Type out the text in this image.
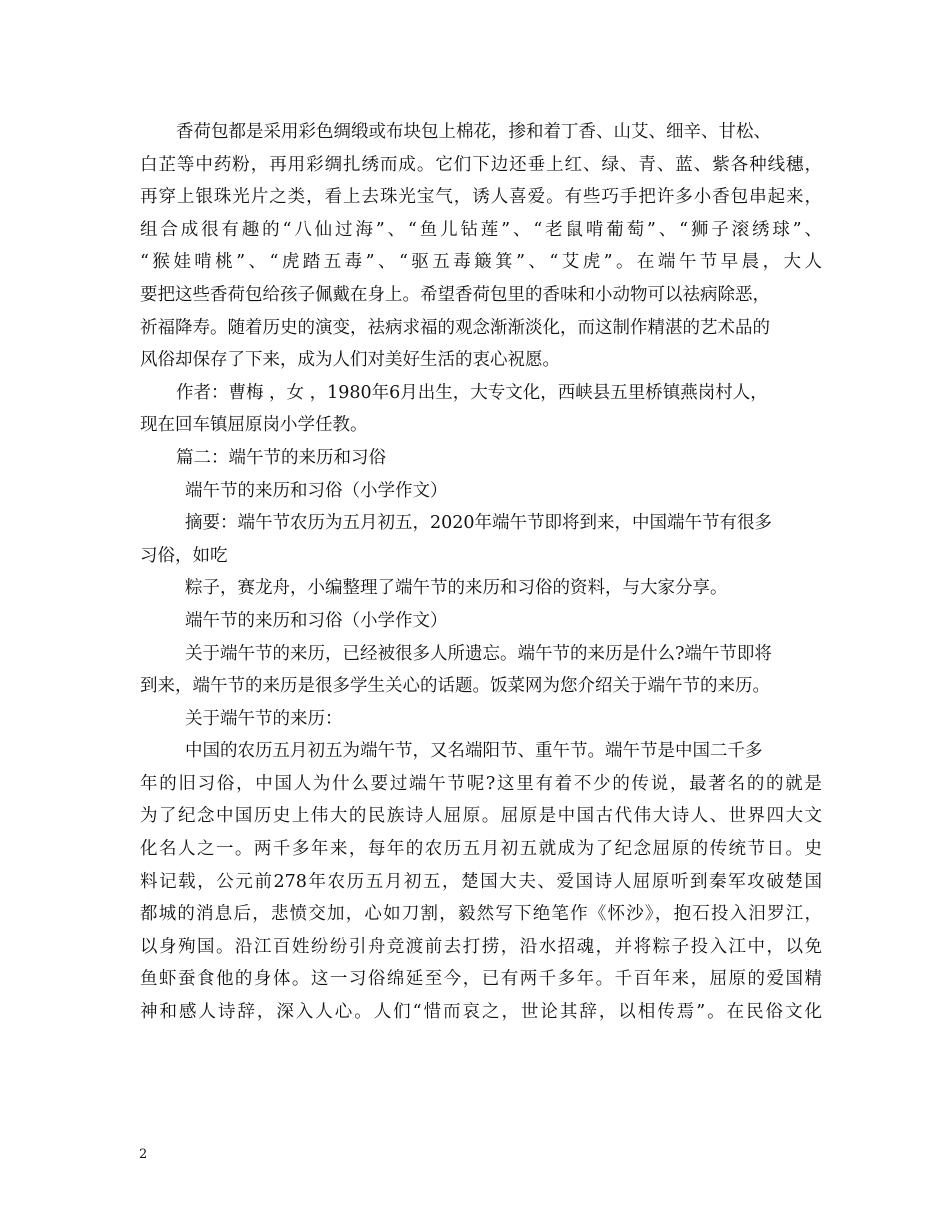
香荷包都是采用彩色绸缎或布块包上棉花，掺和着丁香、山艾、细辛、甘松、
白芷等中药粉，再用彩绸扎绣而成。它们下边还垂上红、绿、青、蓝、紫各种线穗，
再穿上银珠光片之类，看上去珠光宝气，诱人喜爱。有些巧手把许多小香包串起来，
组合成很有趣的“八仙过海”、“鱼儿钻莲”、“老鼠啃葡萄”、“狮子滚绣球”、
“猴娃啃桃”、“虎踏五毒”、“驱五毒簸箕”、“艾虎”。在端午节早晨，大人
要把这些香荷包给孩子佩戴在身上。希望香荷包里的香味和小动物可以祛病除恶，
祈福降寿。随着历史的演变，祛病求福的观念渐渐淡化，而这制作精湛的艺术品的
风俗却保存了下来，成为人们对美好生活的衷心祝愿。
作者：曹梅 ，女 ，1980年6月出生，大专文化，西峡县五里桥镇燕岗村人，
现在回车镇屈原岗小学任教。
篇二：端午节的来历和习俗
端午节的来历和习俗（小学作文）
摘要：端午节农历为五月初五，2020年端午节即将到来，中国端午节有很多
习俗，如吃
粽子，赛龙舟，小编整理了端午节的来历和习俗的资料，与大家分享。
端午节的来历和习俗（小学作文）
关于端午节的来历，已经被很多人所遗忘。端午节的来历是什么?端午节即将
到来，端午节的来历是很多学生关心的话题。饭菜网为您介绍关于端午节的来历。
关于端午节的来历：
中国的农历五月初五为端午节，又名端阳节、重午节。端午节是中国二千多
年的旧习俗，中国人为什么要过端午节呢?这里有着不少的传说，最著名的的就是
为了纪念中国历史上伟大的民族诗人屈原。屈原是中国古代伟大诗人、世界四大文
化名人之一。两千多年来，每年的农历五月初五就成为了纪念屈原的传统节日。史
料记载，公元前278年农历五月初五，楚国大夫、爱国诗人屈原听到秦军攻破楚国
都城的消息后，悲愤交加，心如刀割，毅然写下绝笔作《怀沙》，抱石投入汨罗江，
以身殉国。沿江百姓纷纷引舟竞渡前去打捞，沿水招魂，并将粽子投入江中，以免
鱼虾蚕食他的身体。这一习俗绵延至今，已有两千多年。千百年来，屈原的爱国精
神和感人诗辞，深入人心。人们“惜而哀之，世论其辞，以相传焉”。在民俗文化
2
